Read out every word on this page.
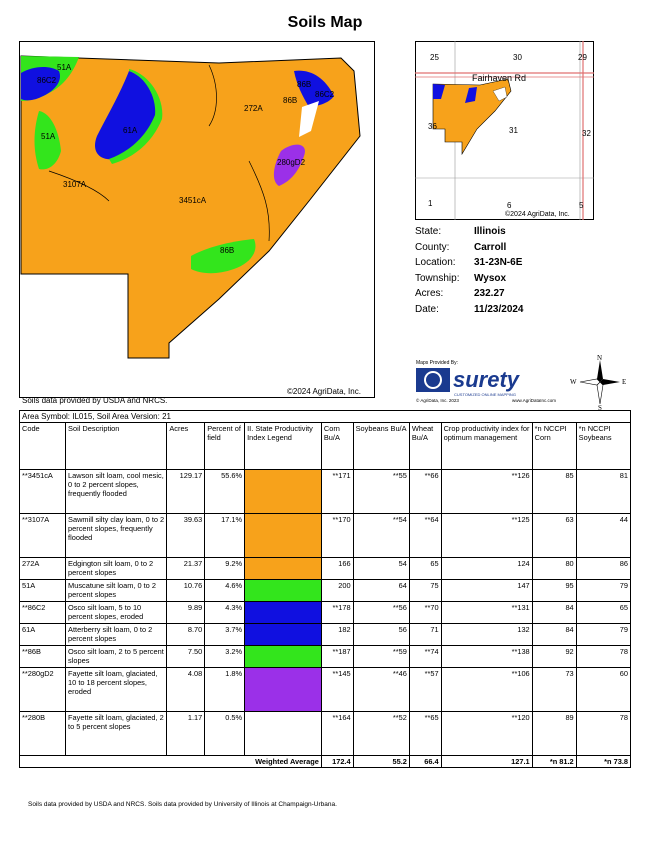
Soils Map
51A
86C2
51A
61A
86B
86C2
86B
272A
3107A
3451cA
280gD2
86B
Soils data provided by USDA and NRCS.
©2024 AgriData, Inc.
25	30	29
36	31	32
1	6	5
Fairhaven Rd
©2024 AgriData, Inc.
State:	Illinois
County:	Carroll
Location:	31-23N-6E
Township:	Wysox
Acres:	232.27
Date:	11/23/2024
Maps Provided By:
surety
CUSTOMIZED ONLINE MAPPING
© AgriData, Inc. 2023	www.AgriDataInc.com
N
S
E
W
Area Symbol: IL015, Soil Area Version: 21										
Code	Soil Description	Acres	Percent of field	II. State Productivity Index Legend	Corn Bu/A	Soybeans Bu/A	Wheat Bu/A	Crop productivity index for optimum management	*n NCCPI Corn	*n NCCPI Soybeans
**3451cA	Lawson silt loam, cool mesic, 0 to 2 percent slopes, frequently flooded	129.17	55.6%		**171	**55	**66	**126	85	81
**3107A	Sawmill silty clay loam, 0 to 2 percent slopes, frequently flooded	39.63	17.1%		**170	**54	**64	**125	63	44
272A	Edgington silt loam, 0 to 2 percent slopes	21.37	9.2%		166	54	65	124	80	86
51A	Muscatune silt loam, 0 to 2 percent slopes	10.76	4.6%		200	64	75	147	95	79
**86C2	Osco silt loam, 5 to 10 percent slopes, eroded	9.89	4.3%		**178	**56	**70	**131	84	65
61A	Atterberry silt loam, 0 to 2 percent slopes	8.70	3.7%		182	56	71	132	84	79
**86B	Osco silt loam, 2 to 5 percent slopes	7.50	3.2%		**187	**59	**74	**138	92	78
**280gD2	Fayette silt loam, glaciated, 10 to 18 percent slopes, eroded	4.08	1.8%		**145	**46	**57	**106	73	60
**280B	Fayette silt loam, glaciated, 2 to 5 percent slopes	1.17	0.5%		**164	**52	**65	**120	89	78
Weighted Average					172.4	55.2	66.4	127.1	*n 81.2	*n 73.8
Soils data provided by USDA and NRCS. Soils data provided by University of Illinois at Champaign-Urbana.
